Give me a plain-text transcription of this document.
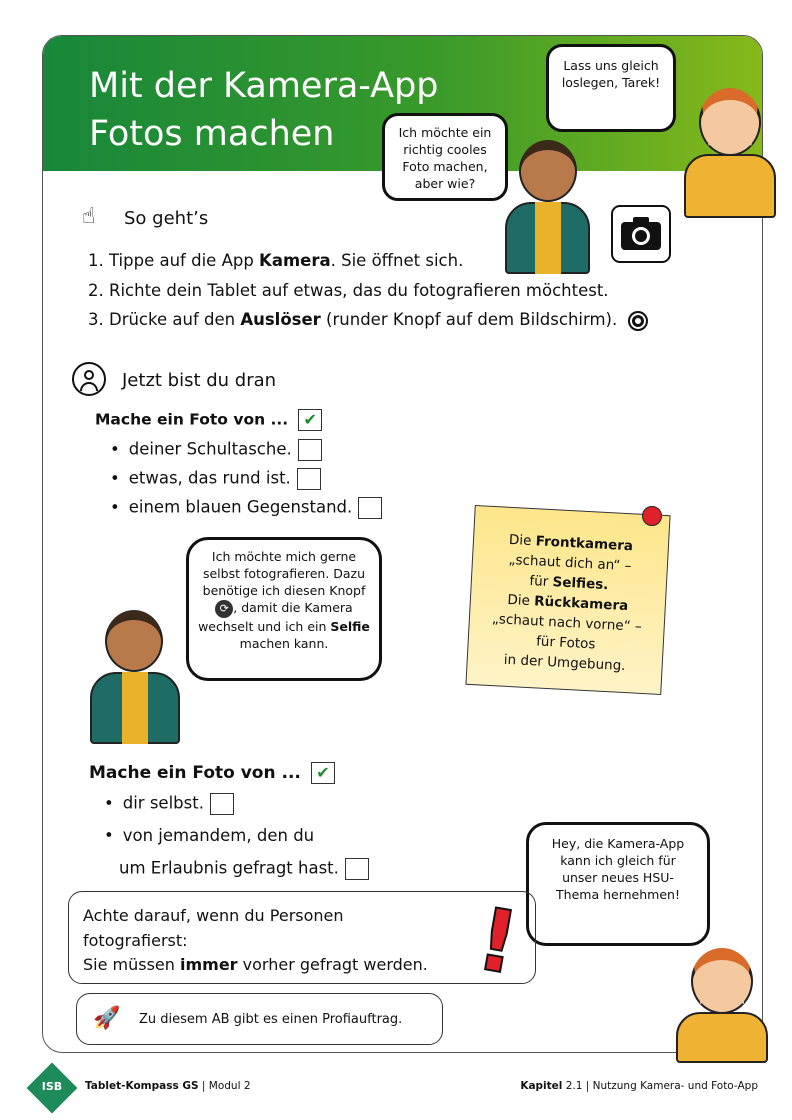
Mit der Kamera-App
Fotos machen
☝ So geht’s
1. Tippe auf die App Kamera. Sie öffnet sich.
2. Richte dein Tablet auf etwas, das du fotografieren möchtest.
3. Drücke auf den Auslöser (runder Knopf auf dem Bildschirm).
Jetzt bist du dran
Mache ein Foto von ... ✔
• deiner Schultasche.
• etwas, das rund ist.
• einem blauen Gegenstand.
Mache ein Foto von ... ✔
• dir selbst.
• von jemandem, den du
um Erlaubnis gefragt hast.
Die Frontkamera
„schaut dich an“ –
für Selfies.
Die Rückkamera
„schaut nach vorne“ –
für Fotos
in der Umgebung.
Lass uns gleich loslegen, Tarek!
Ich möchte ein richtig cooles Foto machen, aber wie?
Ich möchte mich gerne selbst fotografieren. Dazu benötige ich diesen Knopf ⟳ , damit die Kamera wechselt und ich ein Selfie machen kann.
Hey, die Kamera-App kann ich gleich für unser neues HSU-Thema hernehmen!
Achte darauf, wenn du Personen
fotografierst:
Sie müssen immer vorher gefragt werden. !
🚀 Zu diesem AB gibt es einen Profiauftrag.
ISB	Tablet-Kompass GS | Modul 2	Kapitel 2.1 | Nutzung Kamera- und Foto-App
